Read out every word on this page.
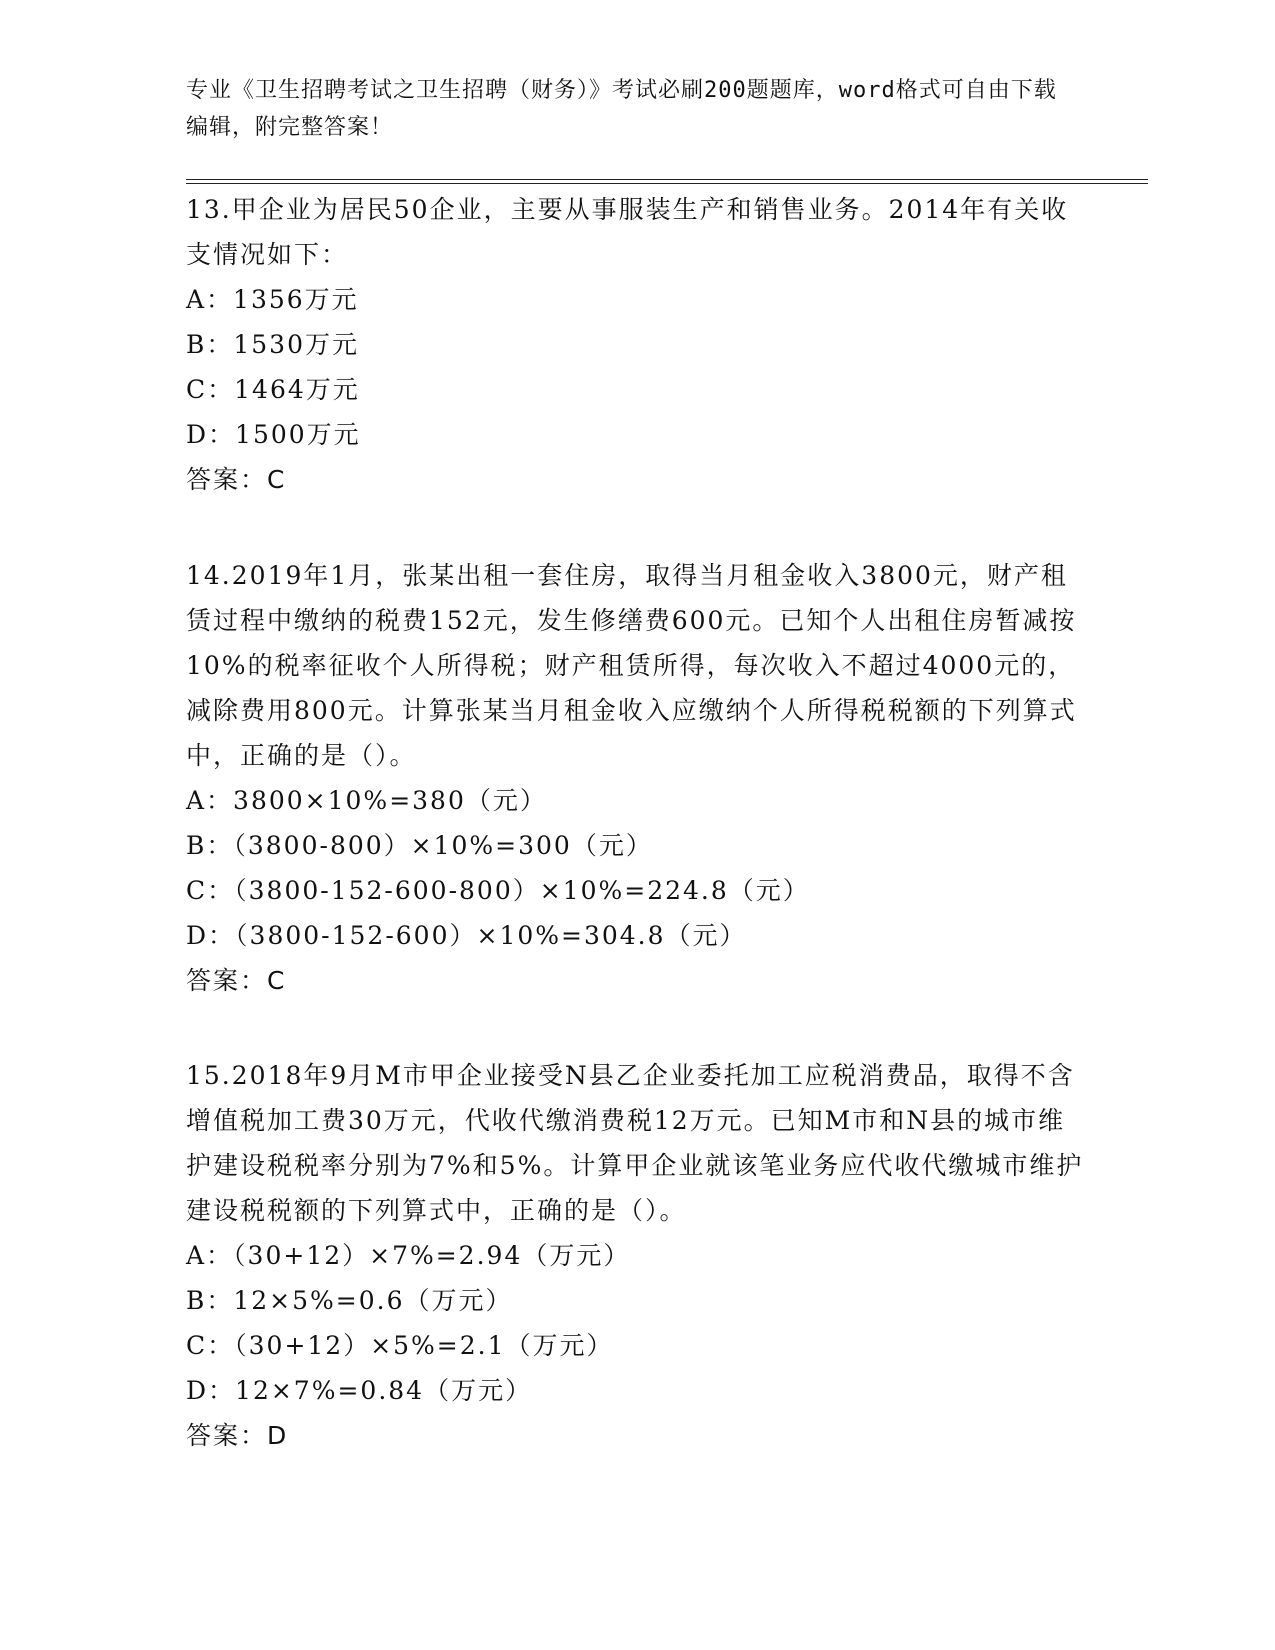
专业《卫生招聘考试之卫生招聘（财务）》考试必刷200题题库，word格式可自由下载编辑，附完整答案！
13.甲企业为居民50企业，主要从事服装生产和销售业务。2014年有关收支情况如下：
A：1356万元
B：1530万元
C：1464万元
D：1500万元
答案：C
14.2019年1月，张某出租一套住房，取得当月租金收入3800元，财产租赁过程中缴纳的税费152元，发生修缮费600元。已知个人出租住房暂减按10%的税率征收个人所得税；财产租赁所得，每次收入不超过4000元的，减除费用800元。计算张某当月租金收入应缴纳个人所得税税额的下列算式中，正确的是（）。
A：3800×10%=380（元）
B：（3800-800）×10%=300（元）
C：（3800-152-600-800）×10%=224.8（元）
D：（3800-152-600）×10%=304.8（元）
答案：C
15.2018年9月M市甲企业接受N县乙企业委托加工应税消费品，取得不含增值税加工费30万元，代收代缴消费税12万元。已知M市和N县的城市维护建设税税率分别为7%和5%。计算甲企业就该笔业务应代收代缴城市维护建设税税额的下列算式中，正确的是（）。
A：（30+12）×7%=2.94（万元）
B：12×5%=0.6（万元）
C：（30+12）×5%=2.1（万元）
D：12×7%=0.84（万元）
答案：D
